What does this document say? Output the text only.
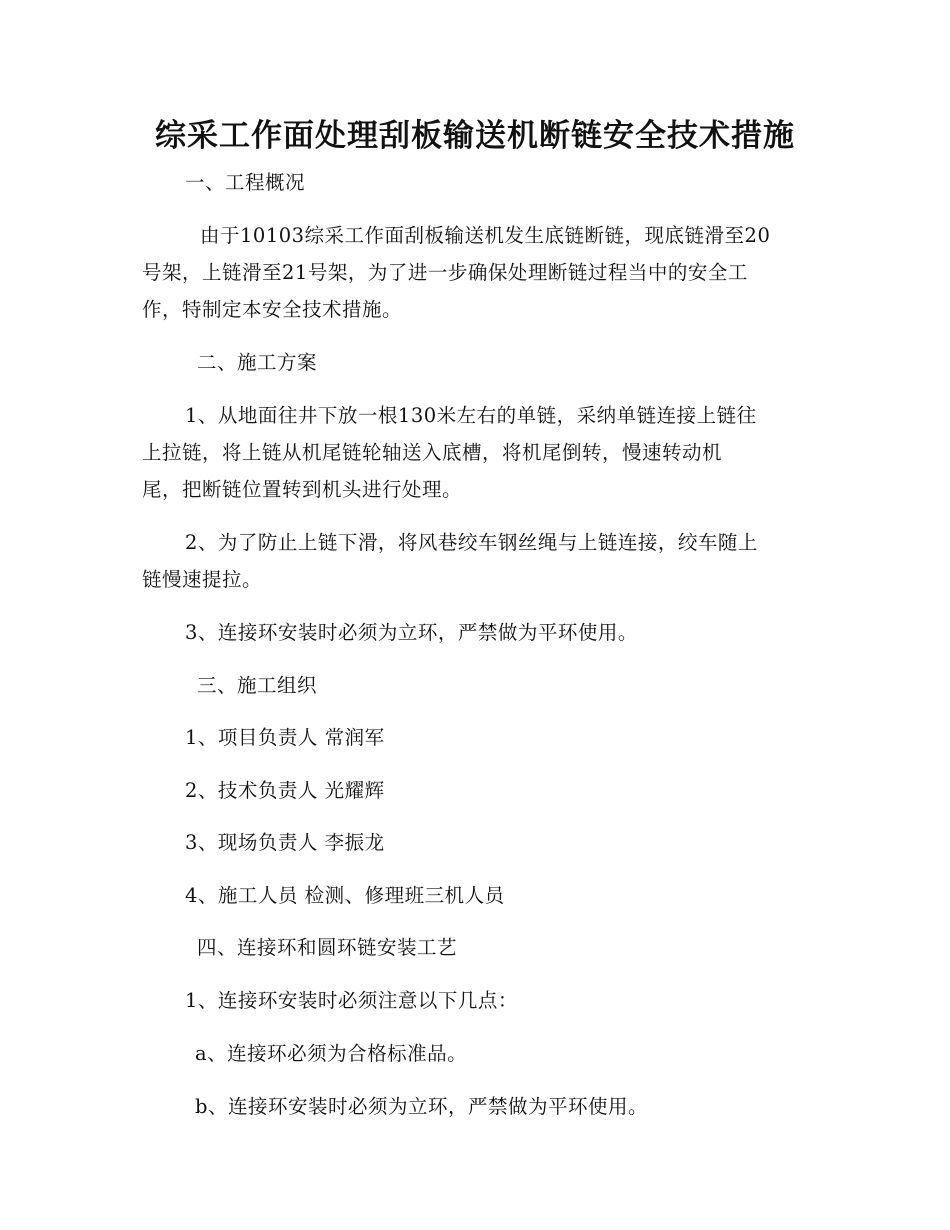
综采工作面处理刮板输送机断链安全技术措施

一、工程概况

由于10103综采工作面刮板输送机发生底链断链，现底链滑至20

号架，上链滑至21号架，为了进一步确保处理断链过程当中的安全工

作，特制定本安全技术措施。

二、施工方案

1、从地面往井下放一根130米左右的单链，采纳单链连接上链往

上拉链，将上链从机尾链轮轴送入底槽，将机尾倒转，慢速转动机

尾，把断链位置转到机头进行处理。

2、为了防止上链下滑，将风巷绞车钢丝绳与上链连接，绞车随上

链慢速提拉。

3、连接环安装时必须为立环，严禁做为平环使用。

三、施工组织

1、项目负责人 常润军

2、技术负责人 光耀辉

3、现场负责人 李振龙

4、施工人员 检测、修理班三机人员

四、连接环和圆环链安装工艺

1、连接环安装时必须注意以下几点：

a、连接环必须为合格标准品。

b、连接环安装时必须为立环，严禁做为平环使用。
